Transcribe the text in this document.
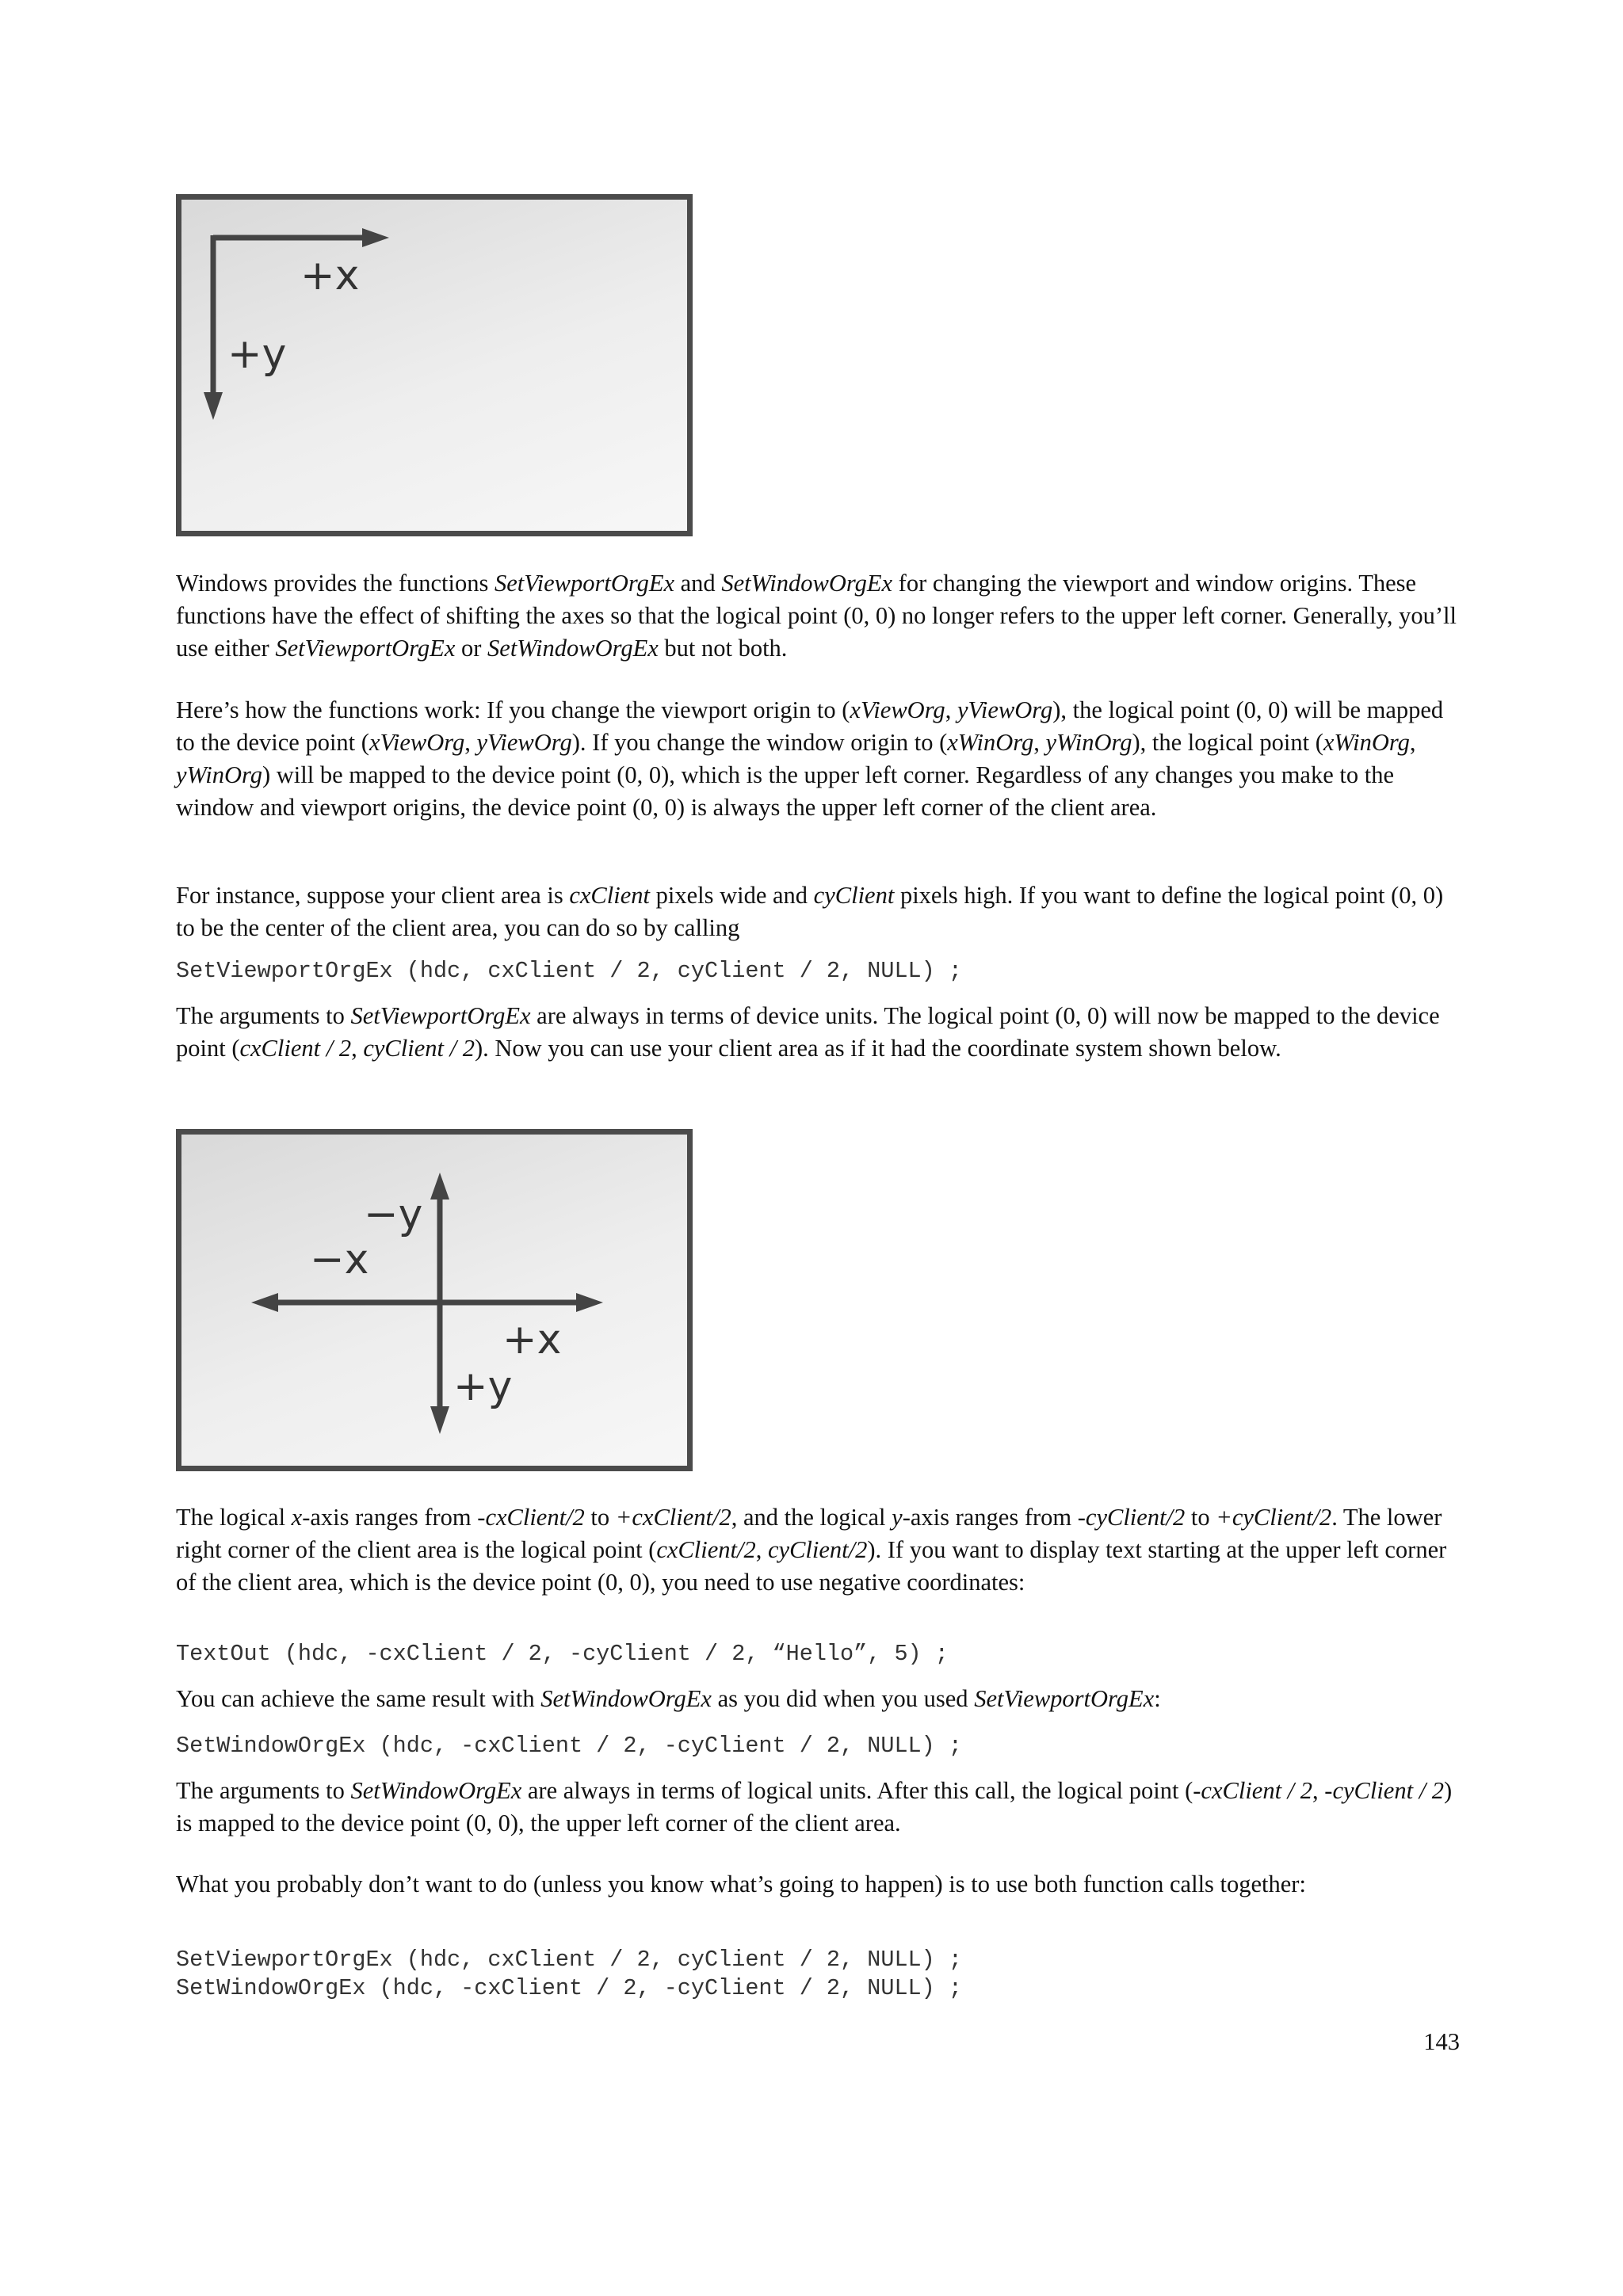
+x
+y

Windows provides the functions SetViewportOrgEx and SetWindowOrgEx for changing the viewport and window origins. These functions have the effect of shifting the axes so that the logical point (0, 0) no longer refers to the upper left corner. Generally, you’ll use either SetViewportOrgEx or SetWindowOrgEx but not both.

Here’s how the functions work: If you change the viewport origin to (xViewOrg, yViewOrg), the logical point (0, 0) will be mapped to the device point (xViewOrg, yViewOrg). If you change the window origin to (xWinOrg, yWinOrg), the logical point (xWinOrg, yWinOrg) will be mapped to the device point (0, 0), which is the upper left corner. Regardless of any changes you make to the window and viewport origins, the device point (0, 0) is always the upper left corner of the client area.

For instance, suppose your client area is cxClient pixels wide and cyClient pixels high. If you want to define the logical point (0, 0) to be the center of the client area, you can do so by calling

SetViewportOrgEx (hdc, cxClient / 2, cyClient / 2, NULL) ;

The arguments to SetViewportOrgEx are always in terms of device units. The logical point (0, 0) will now be mapped to the device point (cxClient / 2, cyClient / 2). Now you can use your client area as if it had the coordinate system shown below.

−y
−x
+x
+y

The logical x-axis ranges from -cxClient/2 to +cxClient/2, and the logical y-axis ranges from -cyClient/2 to +cyClient/2. The lower right corner of the client area is the logical point (cxClient/2, cyClient/2). If you want to display text starting at the upper left corner of the client area, which is the device point (0, 0), you need to use negative coordinates:

TextOut (hdc, -cxClient / 2, -cyClient / 2, “Hello”, 5) ;

You can achieve the same result with SetWindowOrgEx as you did when you used SetViewportOrgEx:

SetWindowOrgEx (hdc, -cxClient / 2, -cyClient / 2, NULL) ;

The arguments to SetWindowOrgEx are always in terms of logical units. After this call, the logical point (-cxClient / 2, -cyClient / 2) is mapped to the device point (0, 0), the upper left corner of the client area.

What you probably don’t want to do (unless you know what’s going to happen) is to use both function calls together:

SetViewportOrgEx (hdc, cxClient / 2, cyClient / 2, NULL) ;
SetWindowOrgEx (hdc, -cxClient / 2, -cyClient / 2, NULL) ;
143
